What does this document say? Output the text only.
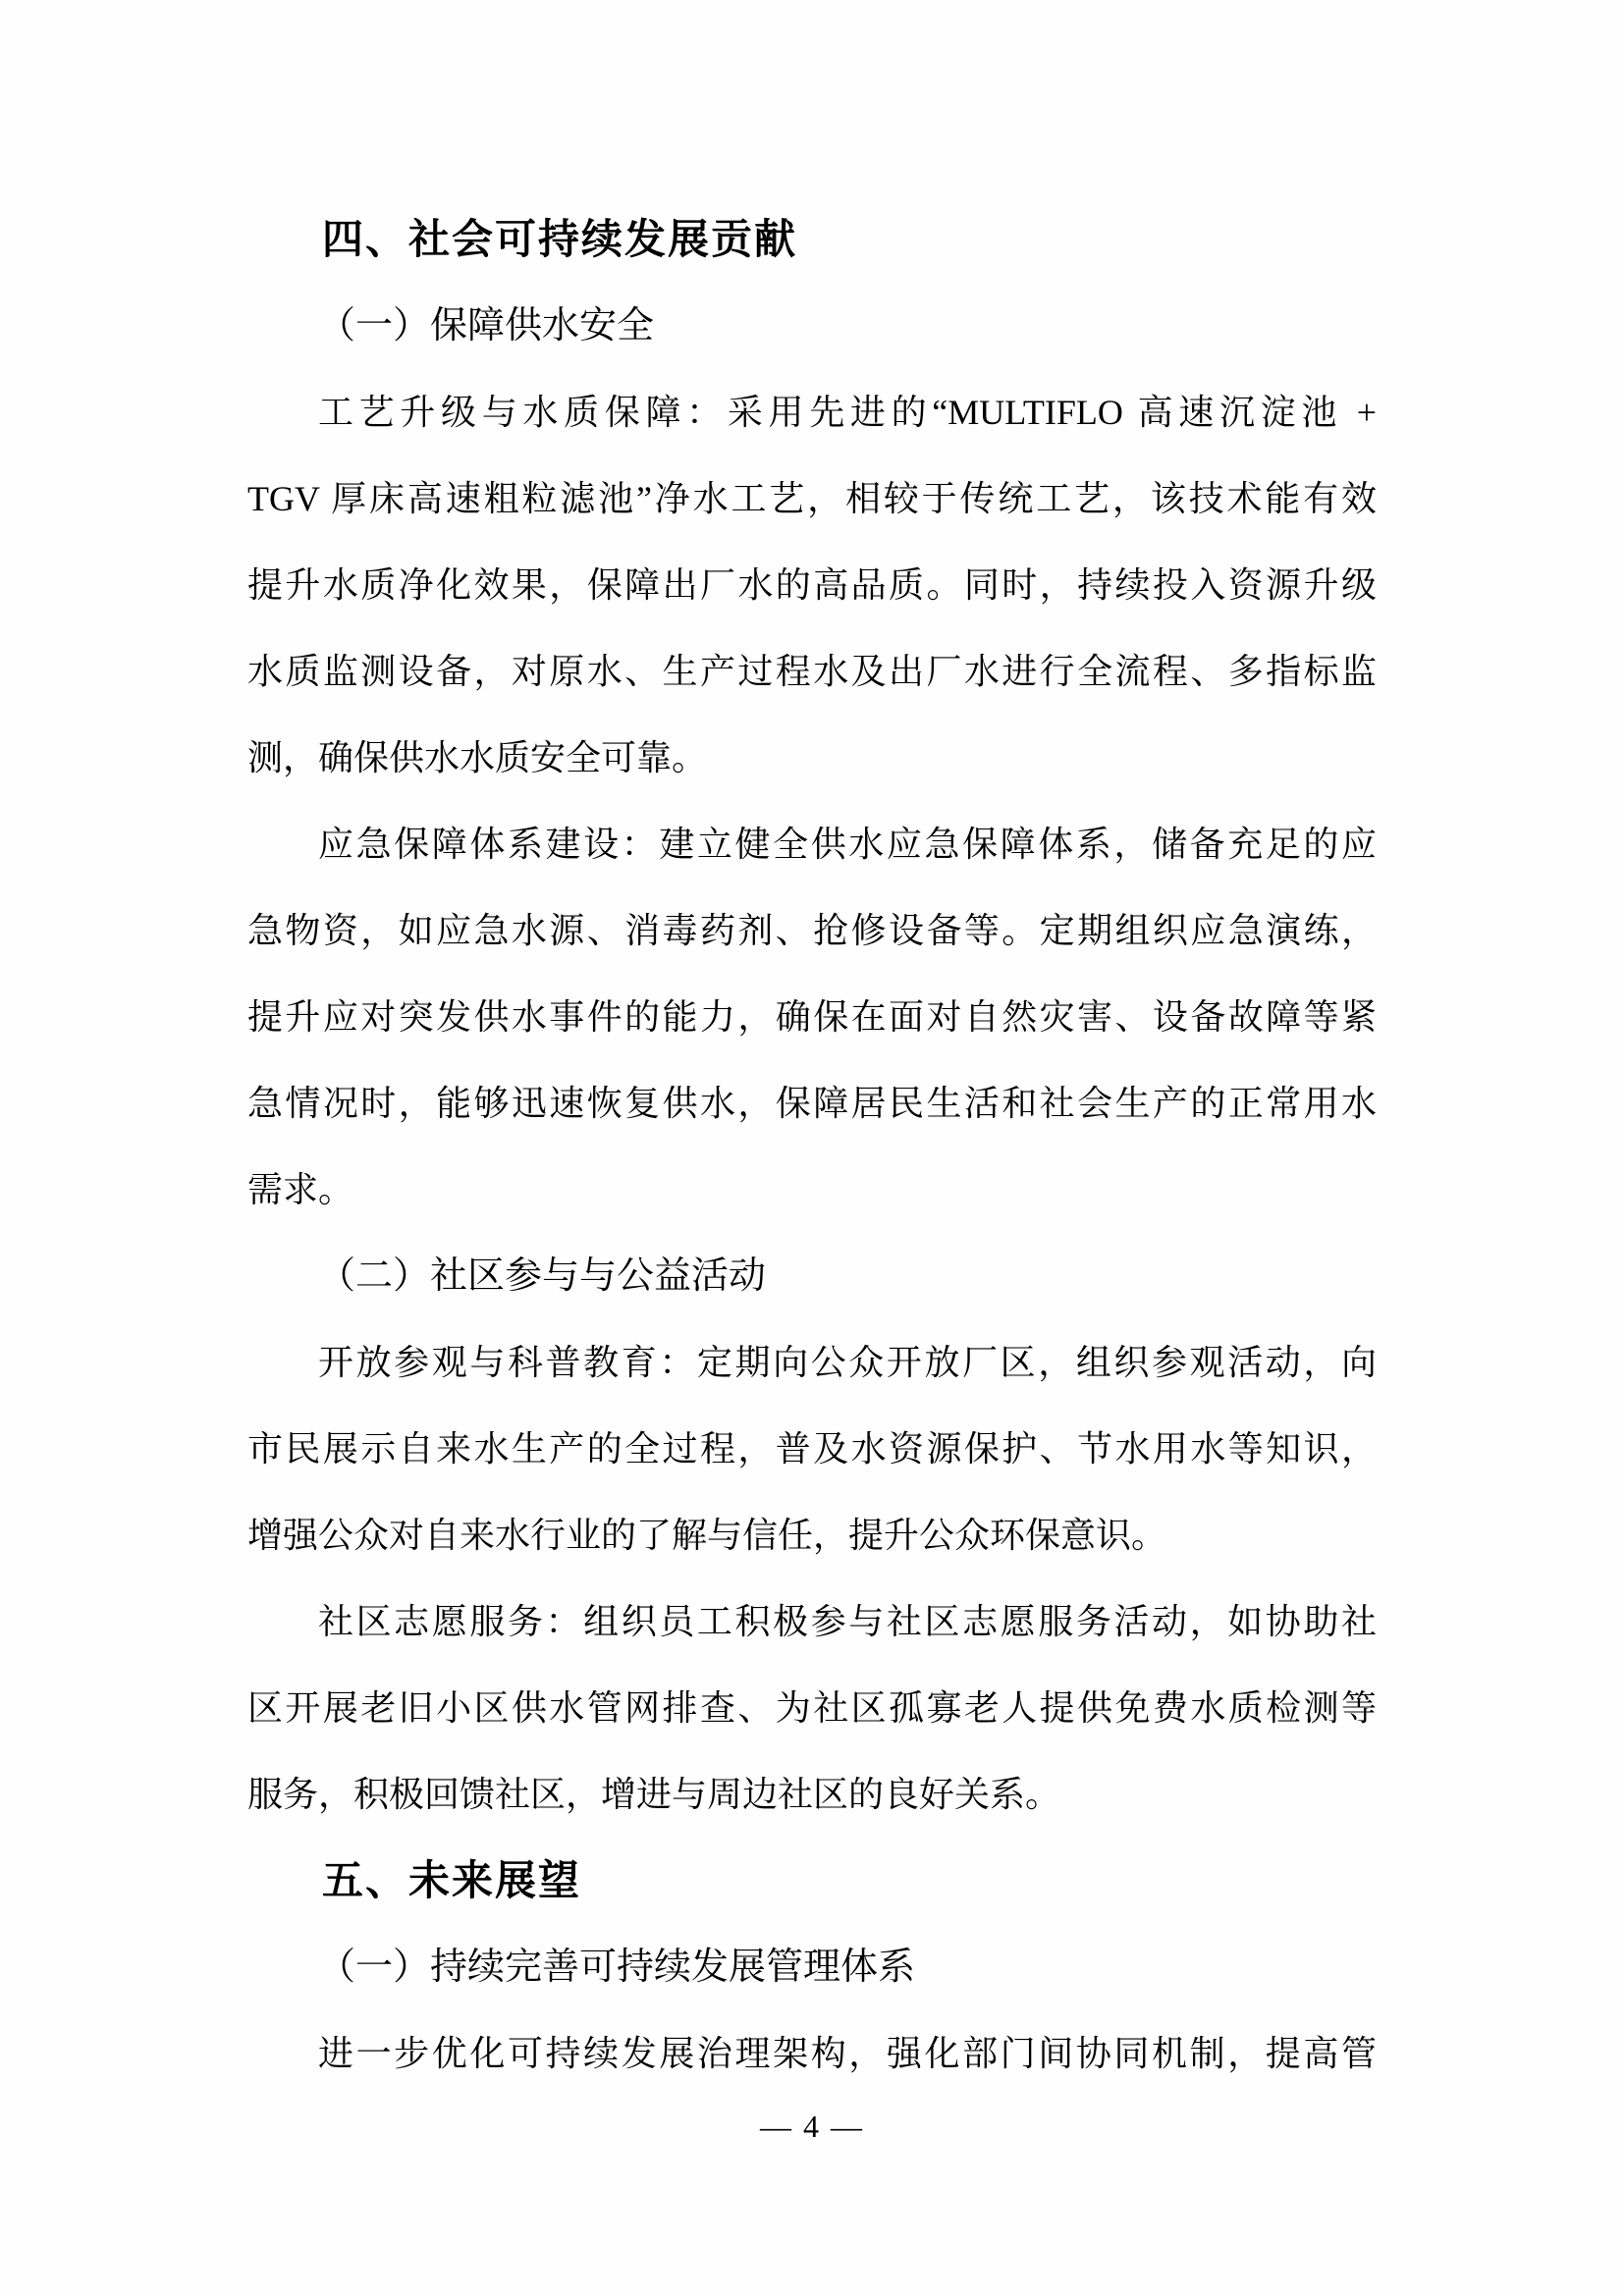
四、社会可持续发展贡献
（一）保障供水安全
工艺升级与水质保障：采用先进的“MULTIFLO 高速沉淀池 +
TGV 厚床高速粗粒滤池”净水工艺，相较于传统工艺，该技术能有效
提升水质净化效果，保障出厂水的高品质。同时，持续投入资源升级
水质监测设备，对原水、生产过程水及出厂水进行全流程、多指标监
测，确保供水水质安全可靠。
应急保障体系建设：建立健全供水应急保障体系，储备充足的应
急物资，如应急水源、消毒药剂、抢修设备等。定期组织应急演练，
提升应对突发供水事件的能力，确保在面对自然灾害、设备故障等紧
急情况时，能够迅速恢复供水，保障居民生活和社会生产的正常用水
需求。
（二）社区参与与公益活动
开放参观与科普教育：定期向公众开放厂区，组织参观活动，向
市民展示自来水生产的全过程，普及水资源保护、节水用水等知识，
增强公众对自来水行业的了解与信任，提升公众环保意识。
社区志愿服务：组织员工积极参与社区志愿服务活动，如协助社
区开展老旧小区供水管网排查、为社区孤寡老人提供免费水质检测等
服务，积极回馈社区，增进与周边社区的良好关系。
五、未来展望
（一）持续完善可持续发展管理体系
进一步优化可持续发展治理架构，强化部门间协同机制，提高管
— 4 —
